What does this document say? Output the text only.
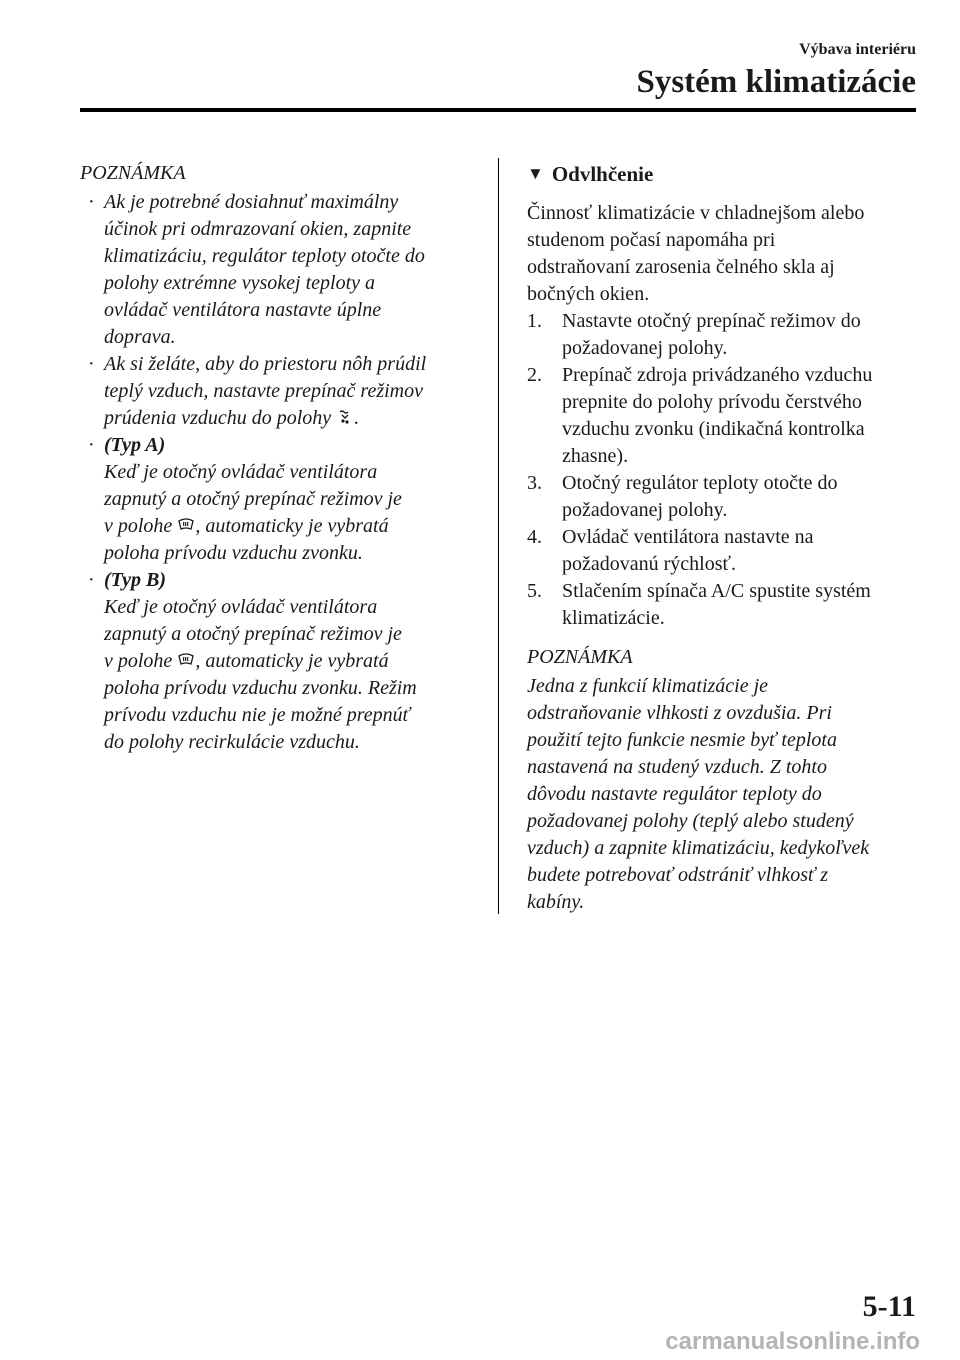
Výbava interiéru
Systém klimatizácie

POZNÁMKA

· Ak je potrebné dosiahnuť maximálny
účinok pri odmrazovaní okien, zapnite
klimatizáciu, regulátor teploty otočte do
polohy extrémne vysokej teploty a
ovládač ventilátora nastavte úplne
doprava.
· Ak si želáte, aby do priestoru nôh prúdil
teplý vzduch, nastavte prepínač režimov
prúdenia vzduchu do polohy
.
· (Typ A)
Keď je otočný ovládač ventilátora
zapnutý a otočný prepínač režimov je
v polohe
, automaticky je vybratá
poloha prívodu vzduchu zvonku.
· (Typ B)
Keď je otočný ovládač ventilátora
zapnutý a otočný prepínač režimov je
v polohe
, automaticky je vybratá
poloha prívodu vzduchu zvonku. Režim
prívodu vzduchu nie je možné prepnúť
do polohy recirkulácie vzduchu.
▼ Odvlhčenie

Činnosť klimatizácie v chladnejšom alebo
studenom počasí napomáha pri
odstraňovaní zarosenia čelného skla aj
bočných okien.

1. Nastavte otočný prepínač režimov do
požadovanej polohy.
2. Prepínač zdroja privádzaného vzduchu
prepnite do polohy prívodu čerstvého
vzduchu zvonku (indikačná kontrolka
zhasne).
3. Otočný regulátor teploty otočte do
požadovanej polohy.
4. Ovládač ventilátora nastavte na
požadovanú rýchlosť.
5. Stlačením spínača A/C spustite systém
klimatizácie.

POZNÁMKA

Jedna z funkcií klimatizácie je
odstraňovanie vlhkosti z ovzdušia. Pri
použití tejto funkcie nesmie byť teplota
nastavená na studený vzduch. Z tohto
dôvodu nastavte regulátor teploty do
požadovanej polohy (teplý alebo studený
vzduch) a zapnite klimatizáciu, kedykoľvek
budete potrebovať odstrániť vlhkosť z
kabíny.

5-11
carmanualsonline.info
